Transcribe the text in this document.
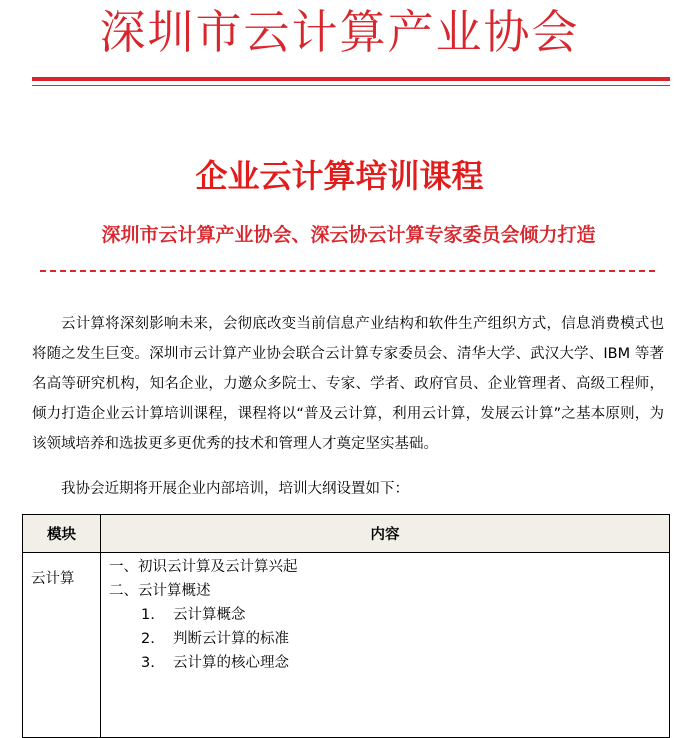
深圳市云计算产业协会
企业云计算培训课程
深圳市云计算产业协会、深云协云计算专家委员会倾力打造

云计算将深刻影响未来，会彻底改变当前信息产业结构和软件生产组织方式，信息消费模式也将随之发生巨变。深圳市云计算产业协会联合云计算专家委员会、清华大学、武汉大学、IBM 等著名高等研究机构，知名企业，力邀众多院士、专家、学者、政府官员、企业管理者、高级工程师，倾力打造企业云计算培训课程，课程将以“普及云计算，利用云计算，发展云计算”之基本原则，为该领域培养和选拔更多更优秀的技术和管理人才奠定坚实基础。

我协会近期将开展企业内部培训，培训大纲设置如下：

模块	内容
云计算	一、初识云计算及云计算兴起
二、云计算概述
1. 云计算概念
2. 判断云计算的标准
3. 云计算的核心理念
